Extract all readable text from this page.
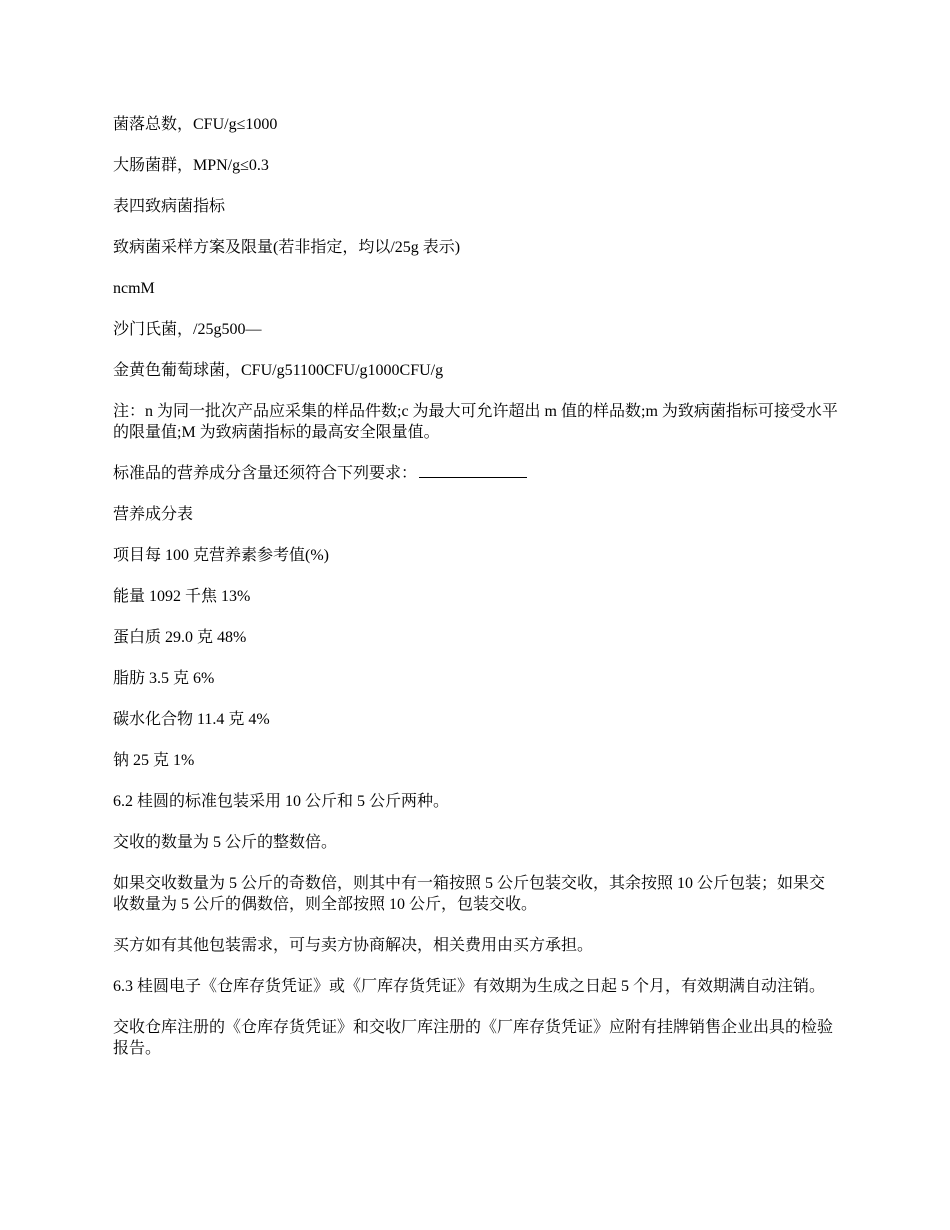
菌落总数，CFU/g≤1000

大肠菌群，MPN/g≤0.3

表四致病菌指标

致病菌采样方案及限量(若非指定，均以/25g 表示)

ncmM

沙门氏菌，/25g500—

金黄色葡萄球菌，CFU/g51100CFU/g1000CFU/g

注：n 为同一批次产品应采集的样品件数;c 为最大可允许超出 m 值的样品数;m 为致病菌指标可接受水平的限量值;M 为致病菌指标的最高安全限量值。

标准品的营养成分含量还须符合下列要求：

营养成分表

项目每 100 克营养素参考值(%)

能量 1092 千焦 13%

蛋白质 29.0 克 48%

脂肪 3.5 克 6%

碳水化合物 11.4 克 4%

钠 25 克 1%

6.2 桂圆的标准包装采用 10 公斤和 5 公斤两种。

交收的数量为 5 公斤的整数倍。

如果交收数量为 5 公斤的奇数倍，则其中有一箱按照 5 公斤包装交收，其余按照 10 公斤包装；如果交收数量为 5 公斤的偶数倍，则全部按照 10 公斤，包装交收。

买方如有其他包装需求，可与卖方协商解决，相关费用由买方承担。

6.3 桂圆电子《仓库存货凭证》或《厂库存货凭证》有效期为生成之日起 5 个月，有效期满自动注销。

交收仓库注册的《仓库存货凭证》和交收厂库注册的《厂库存货凭证》应附有挂牌销售企业出具的检验报告。
